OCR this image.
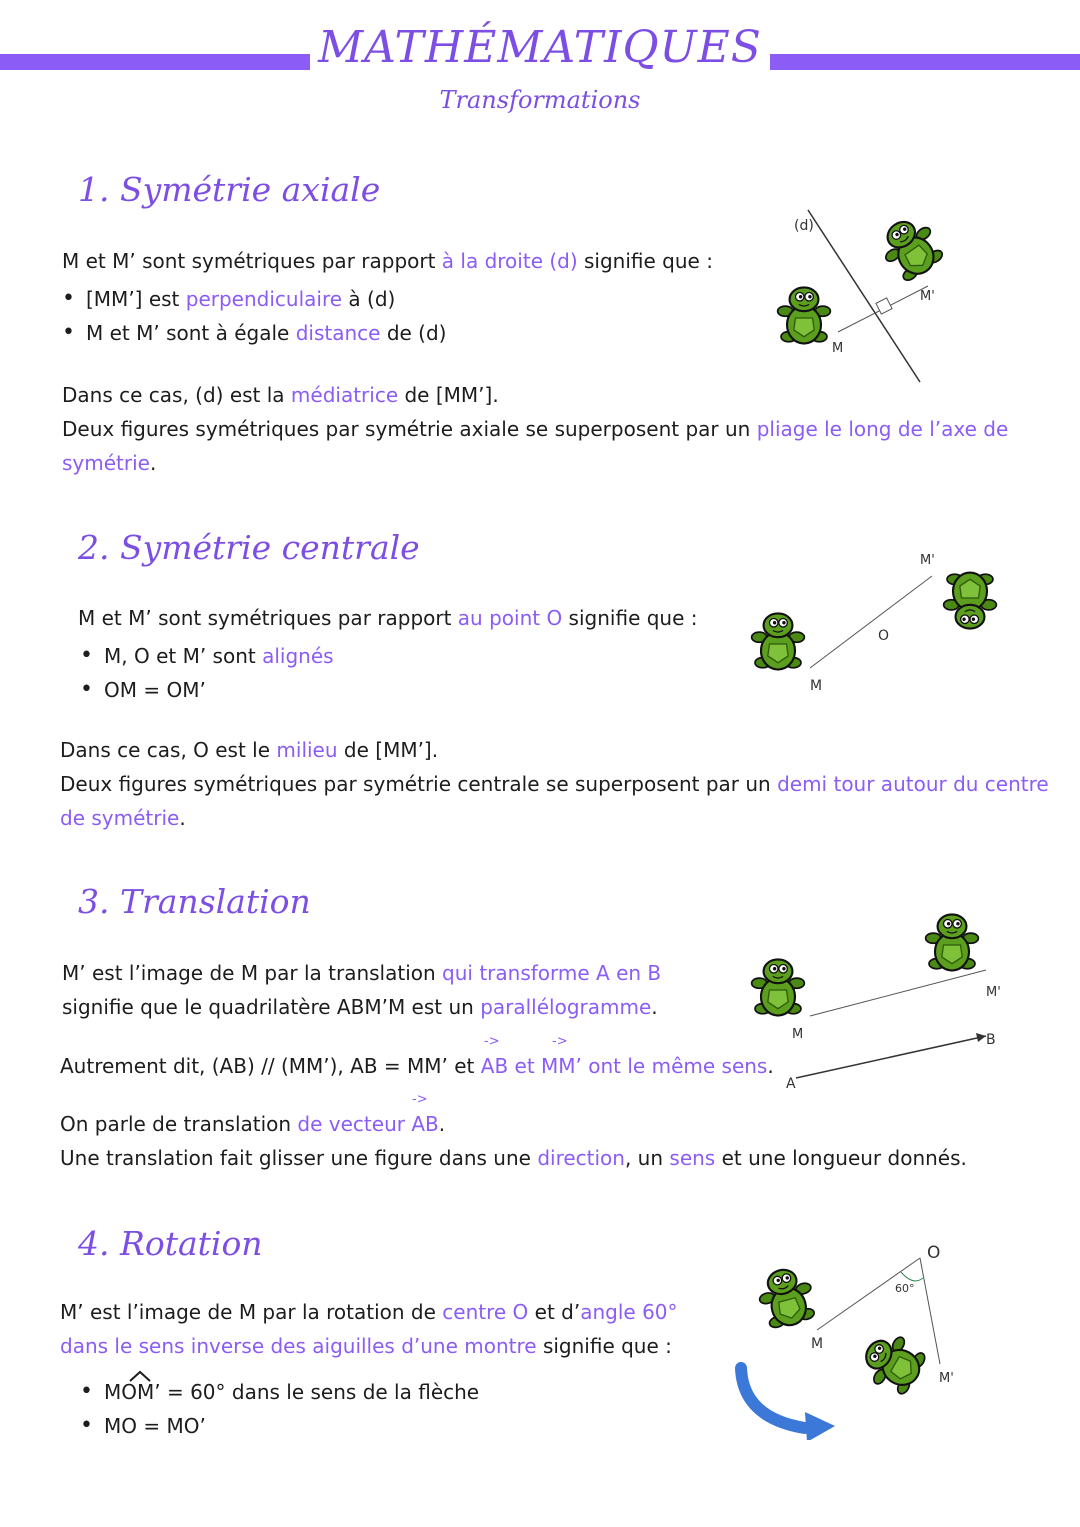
MATHÉMATIQUES
Transformations
1. Symétrie axiale
M et M’ sont symétriques par rapport à la droite (d) signifie que :
• [MM’] est perpendiculaire à (d)
• M et M’ sont à égale distance de (d)
Dans ce cas, (d) est la médiatrice de [MM’].
Deux figures symétriques par symétrie axiale se superposent par un pliage le long de l’axe de
symétrie.
(d)
M
M'
2. Symétrie centrale
M et M’ sont symétriques par rapport au point O signifie que :
• M, O et M’ sont alignés
• OM = OM’
Dans ce cas, O est le milieu de [MM’].
Deux figures symétriques par symétrie centrale se superposent par un demi tour autour du centre
de symétrie.
O
M
M'
3. Translation
M’ est l’image de M par la translation qui transforme A en B
signifie que le quadrilatère ABM’M est un parallélogramme.
->	->
Autrement dit, (AB) // (MM’), AB = MM’ et AB et MM’ ont le même sens.
->
On parle de translation de vecteur AB.
Une translation fait glisser une figure dans une direction, un sens et une longueur donnés.
A
B
M
M'
4. Rotation
M’ est l’image de M par la rotation de centre O et d’angle 60°
dans le sens inverse des aiguilles d’une montre signifie que :
• MOM’ = 60° dans le sens de la flèche
• MO = MO’
60°
O
M
M'
